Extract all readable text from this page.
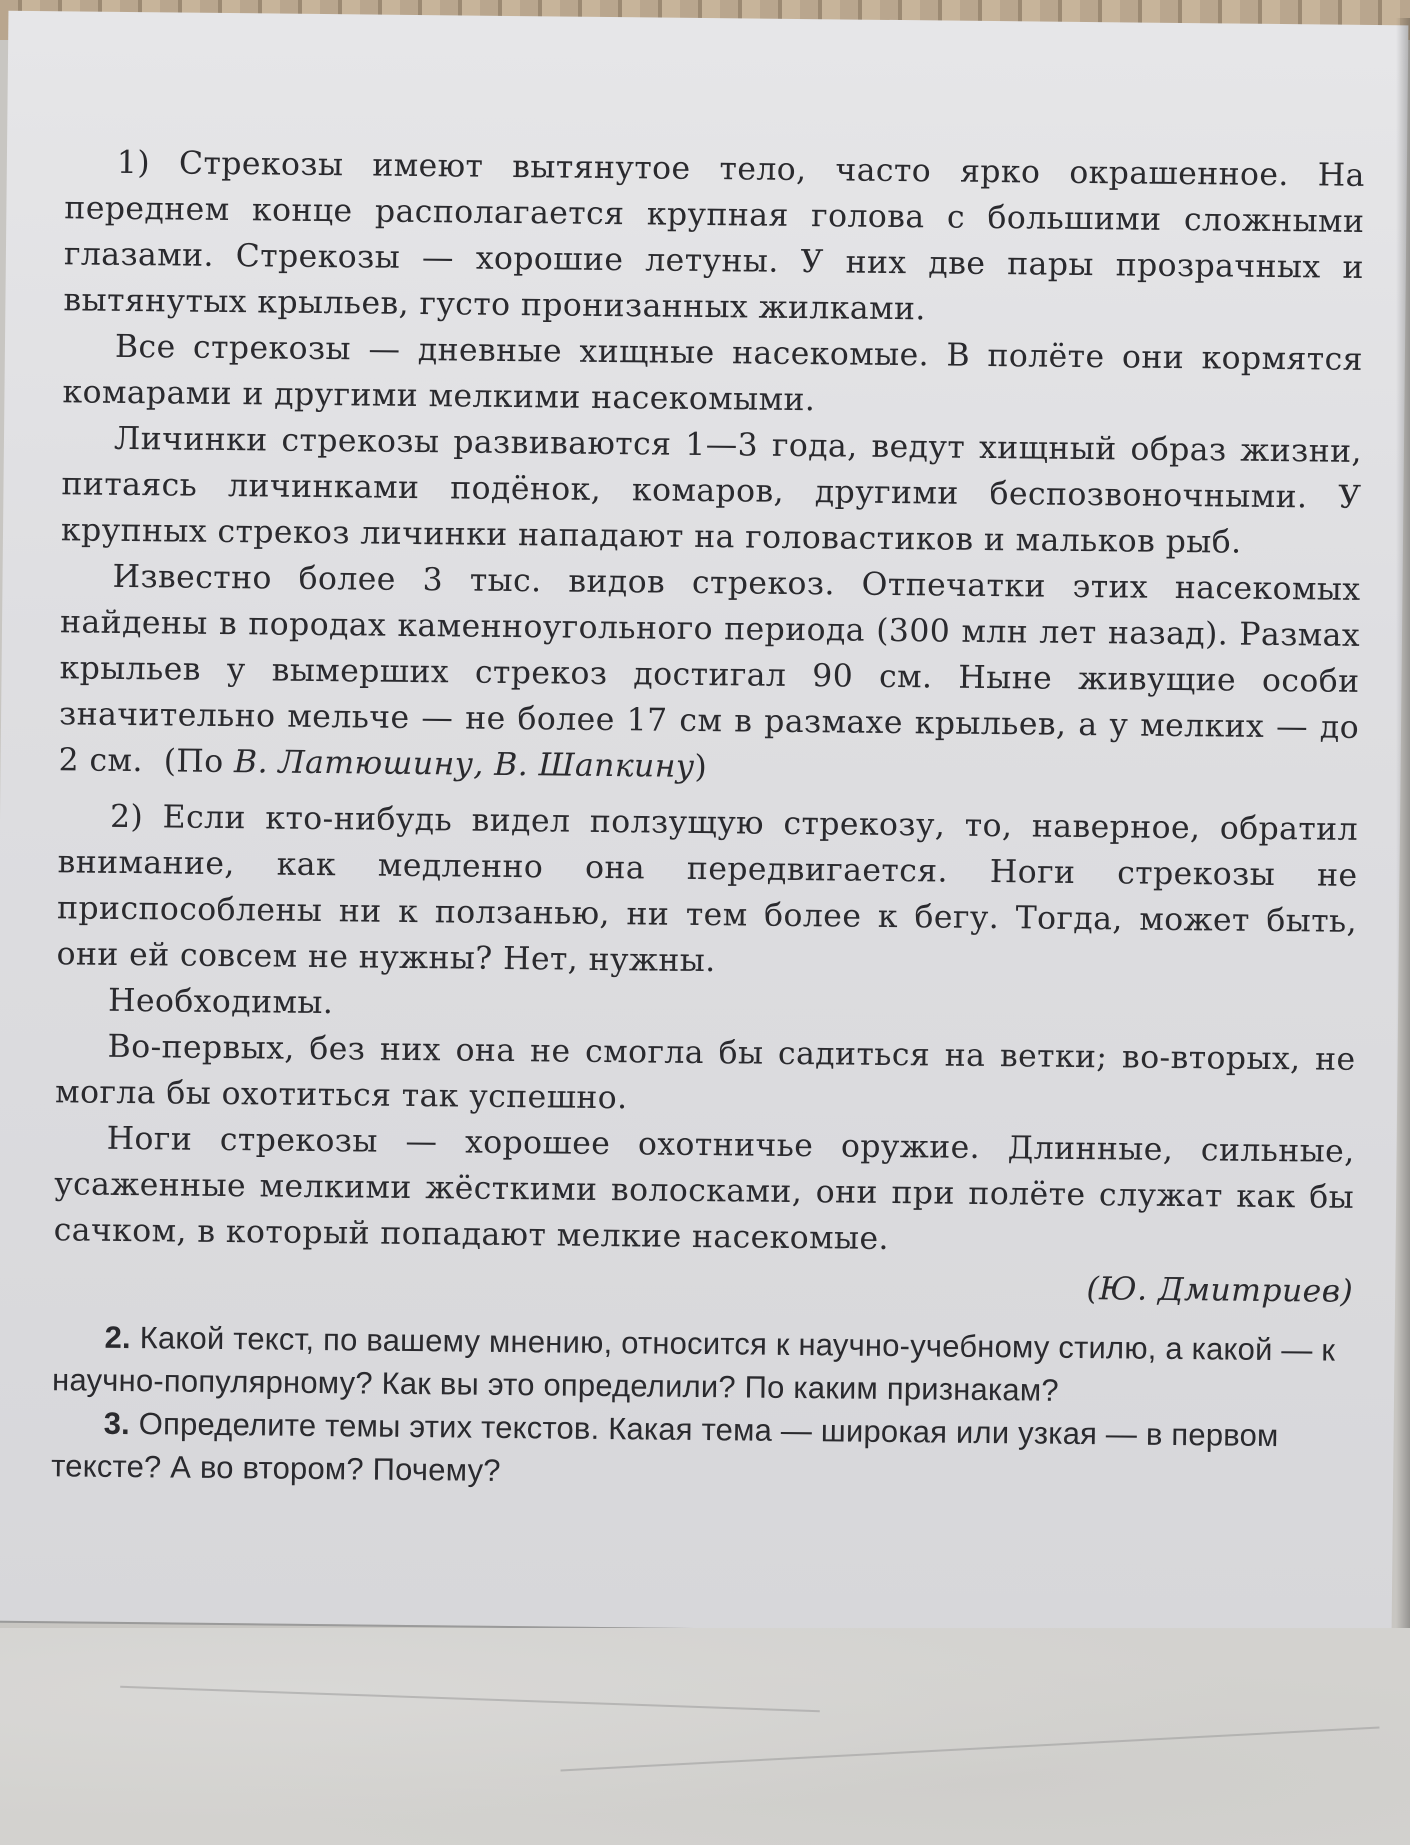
1) Стрекозы имеют вытянутое тело, часто ярко окрашенное. На переднем конце располагается крупная голова с большими сложными глазами. Стрекозы — хорошие летуны. У них две пары прозрачных и вытянутых крыльев, густо пронизанных жилками.

Все стрекозы — дневные хищные насекомые. В полёте они кормятся комарами и другими мелкими насекомыми.

Личинки стрекозы развиваются 1—3 года, ведут хищный образ жизни, питаясь личинками подёнок, комаров, другими беспозвоночными. У крупных стрекоз личинки нападают на головастиков и мальков рыб.

Известно более 3 тыс. видов стрекоз. Отпечатки этих насекомых найдены в породах каменноугольного периода (300 млн лет назад). Размах крыльев у вымерших стрекоз достигал 90 см. Ныне живущие особи значительно мельче — не более 17 см в размахе крыльев, а у мелких — до 2 см. (По В. Латюшину, В. Шапкину)

2) Если кто-нибудь видел ползущую стрекозу, то, наверное, обратил внимание, как медленно она передвигается. Ноги стрекозы не приспособлены ни к ползанью, ни тем более к бегу. Тогда, может быть, они ей совсем не нужны? Нет, нужны.

Необходимы.

Во-первых, без них она не смогла бы садиться на ветки; во-вторых, не могла бы охотиться так успешно.

Ноги стрекозы — хорошее охотничье оружие. Длинные, сильные, усаженные мелкими жёсткими волосками, они при полёте служат как бы сачком, в который попадают мелкие насекомые.

(Ю. Дмитриев)

2. Какой текст, по вашему мнению, относится к научно-учебному стилю, а какой — к научно-популярному? Как вы это определили? По каким признакам?

3. Определите темы этих текстов. Какая тема — широкая или узкая — в первом тексте? А во втором? Почему?
